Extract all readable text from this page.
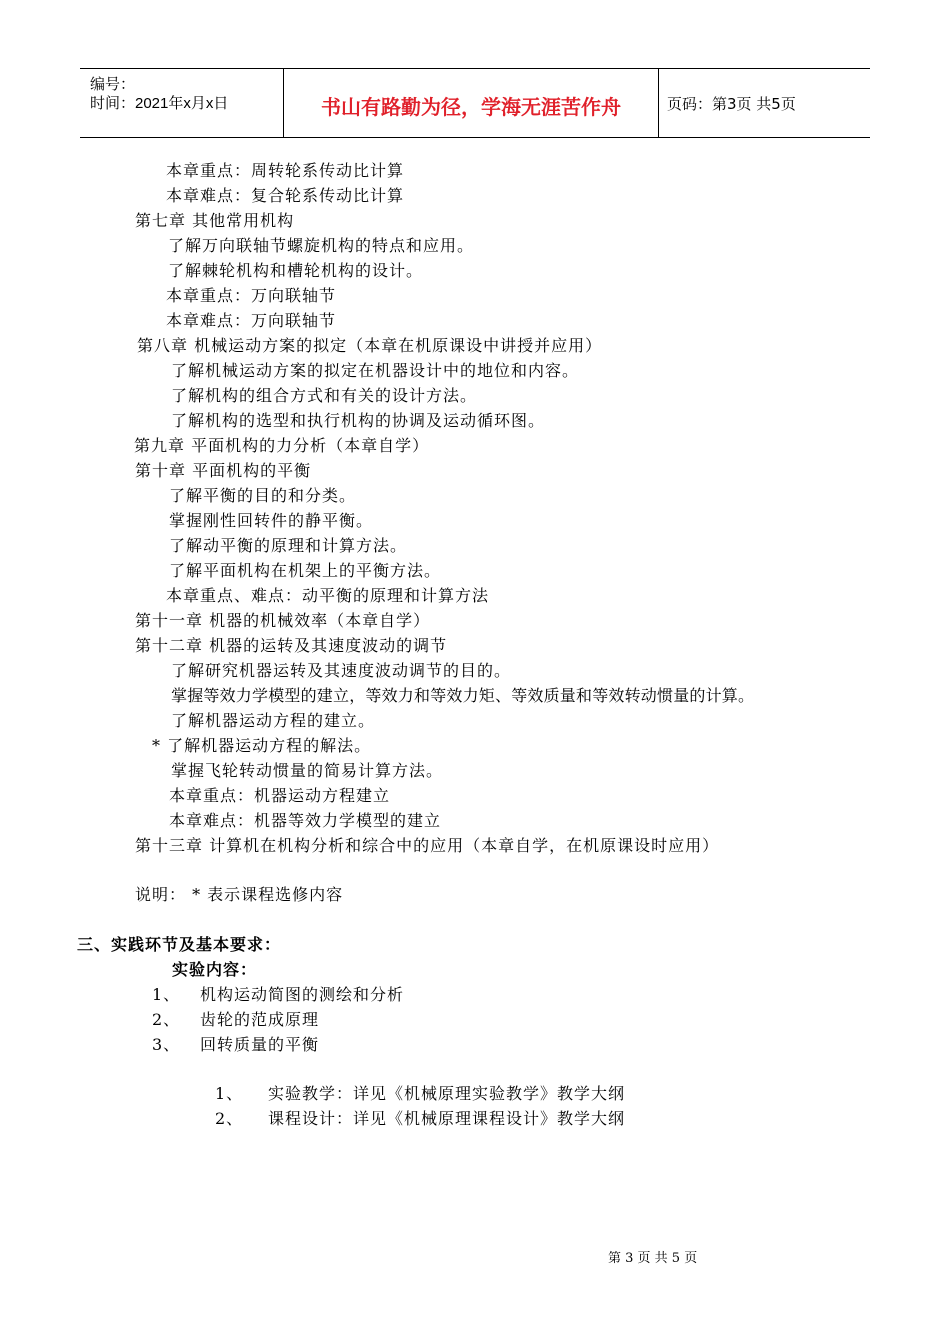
编号：
时间：2021年x月x日	书山有路勤为径，学海无涯苦作舟	页码：第3页 共5页
本章重点：周转轮系传动比计算
本章难点：复合轮系传动比计算
第七章 其他常用机构
了解万向联轴节螺旋机构的特点和应用。
了解棘轮机构和槽轮机构的设计。
本章重点：万向联轴节
本章难点：万向联轴节
第八章 机械运动方案的拟定（本章在机原课设中讲授并应用）
了解机械运动方案的拟定在机器设计中的地位和内容。
了解机构的组合方式和有关的设计方法。
了解机构的选型和执行机构的协调及运动循环图。
第九章 平面机构的力分析（本章自学）
第十章 平面机构的平衡
了解平衡的目的和分类。
掌握刚性回转件的静平衡。
了解动平衡的原理和计算方法。
了解平面机构在机架上的平衡方法。
本章重点、难点：动平衡的原理和计算方法
第十一章 机器的机械效率（本章自学）
第十二章 机器的运转及其速度波动的调节
了解研究机器运转及其速度波动调节的目的。
掌握等效力学模型的建立，等效力和等效力矩、等效质量和等效转动惯量的计算。
了解机器运动方程的建立。
* 了解机器运动方程的解法。
掌握飞轮转动惯量的简易计算方法。
本章重点：机器运动方程建立
本章难点：机器等效力学模型的建立
第十三章 计算机在机构分析和综合中的应用（本章自学，在机原课设时应用）
说明： * 表示课程选修内容
三、实践环节及基本要求：
实验内容：
1、 机构运动简图的测绘和分析
2、 齿轮的范成原理
3、 回转质量的平衡
1、 实验教学：详见《机械原理实验教学》教学大纲
2、 课程设计：详见《机械原理课程设计》教学大纲
第 3 页 共 5 页
